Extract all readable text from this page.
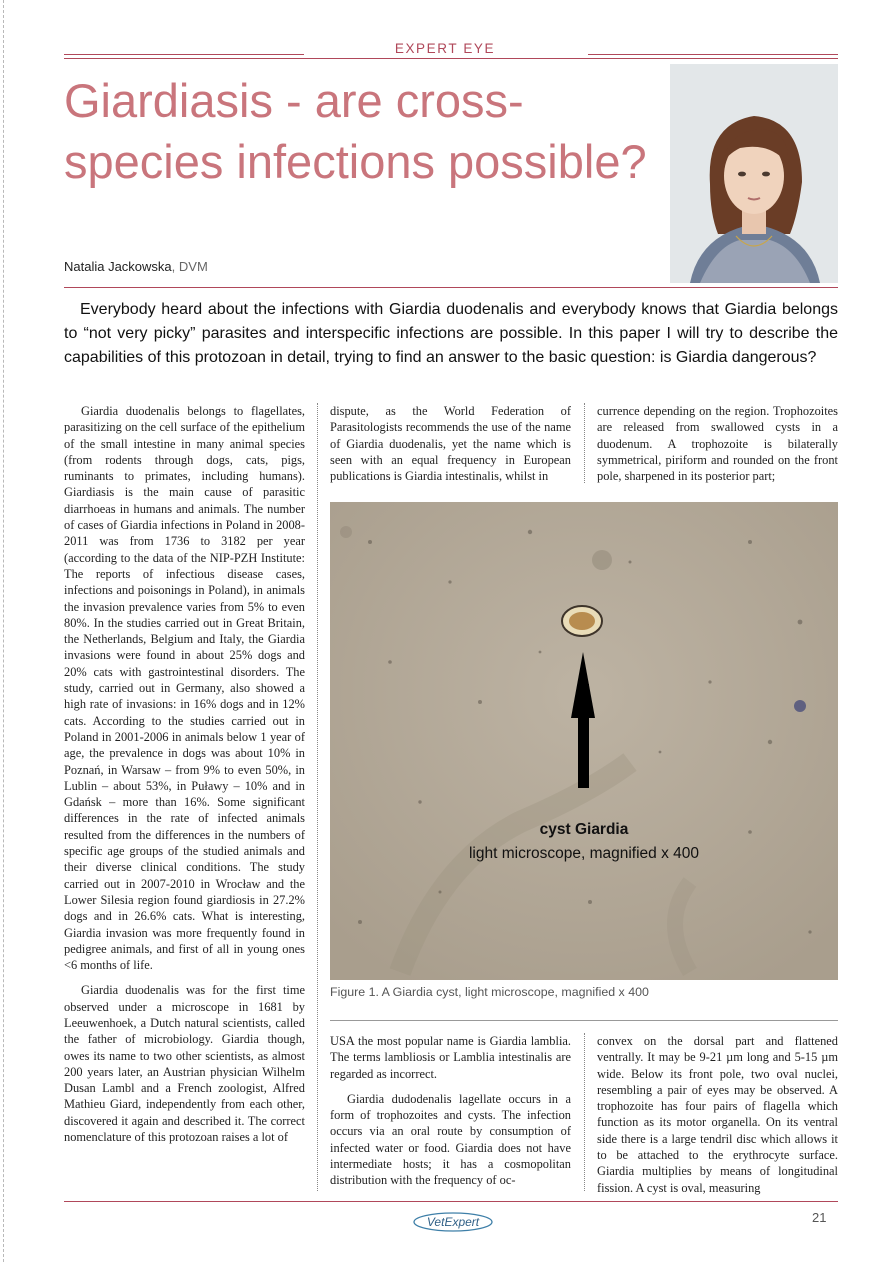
EXPERT EYE
Giardiasis - are cross-species infections possible?
Natalia Jackowska, DVM

Everybody heard about the infections with Giardia duodenalis and everybody knows that Giardia belongs to “not very picky” parasites and interspecific infections are possible. In this paper I will try to describe the capabilities of this protozoan in detail, trying to find an answer to the basic question: is Giardia dangerous?

Giardia duodenalis belongs to flagellates, parasitizing on the cell surface of the epithelium of the small intestine in many animal species (from rodents through dogs, cats, pigs, ruminants to primates, including humans). Giardiasis is the main cause of parasitic diarrhoeas in humans and animals. The number of cases of Giardia infections in Poland in 2008-2011 was from 1736 to 3182 per year (according to the data of the NIP-PZH Institute: The reports of infectious disease cases, infections and poisonings in Poland), in animals the invasion prevalence varies from 5% to even 80%. In the studies carried out in Great Britain, the Netherlands, Belgium and Italy, the Giardia invasions were found in about 25% dogs and 20% cats with gastrointestinal disorders. The study, carried out in Germany, also showed a high rate of invasions: in 16% dogs and in 12% cats. According to the studies carried out in Poland in 2001-2006 in animals below 1 year of age, the prevalence in dogs was about 10% in Poznań, in Warsaw – from 9% to even 50%, in Lublin – about 53%, in Puławy – 10% and in Gdańsk – more than 16%. Some significant differences in the rate of infected animals resulted from the differences in the numbers of specific age groups of the studied animals and their diverse clinical conditions. The study carried out in 2007-2010 in Wrocław and the Lower Silesia region found giardiosis in 27.2% dogs and in 26.6% cats. What is interesting, Giardia invasion was more frequently found in pedigree animals, and first of all in young ones <6 months of life.

Giardia duodenalis was for the first time observed under a microscope in 1681 by Leeuwenhoek, a Dutch natural scientists, called the father of microbiology. Giardia though, owes its name to two other scientists, as almost 200 years later, an Austrian physician Wilhelm Dusan Lambl and a French zoologist, Alfred Mathieu Giard, independently from each other, discovered it again and described it. The correct nomenclature of this protozoan raises a lot of

dispute, as the World Federation of Parasitologists recommends the use of the name of Giardia duodenalis, yet the name which is seen with an equal frequency in European publications is Giardia intestinalis, whilst in

currence depending on the region. Trophozoites are released from swallowed cysts in a duodenum. A trophozoite is bilaterally symmetrical, piriform and rounded on the front pole, sharpened in its posterior part;

cyst Giardia
light microscope, magnified x 400
Figure 1. A Giardia cyst, light microscope, magnified x 400

USA the most popular name is Giardia lamblia. The terms lambliosis or Lamblia intestinalis are regarded as incorrect.

Giardia dudodenalis lagellate occurs in a form of trophozoites and cysts. The infection occurs via an oral route by consumption of infected water or food. Giardia does not have intermediate hosts; it has a cosmopolitan distribution with the frequency of oc-

convex on the dorsal part and flattened ventrally. It may be 9-21 µm long and 5-15 µm wide. Below its front pole, two oval nuclei, resembling a pair of eyes may be observed. A trophozoite has four pairs of flagella which function as its motor organella. On its ventral side there is a large tendril disc which allows it to be attached to the erythrocyte surface. Giardia multiplies by means of longitudinal fission. A cyst is oval, measuring

VetExpert	21
